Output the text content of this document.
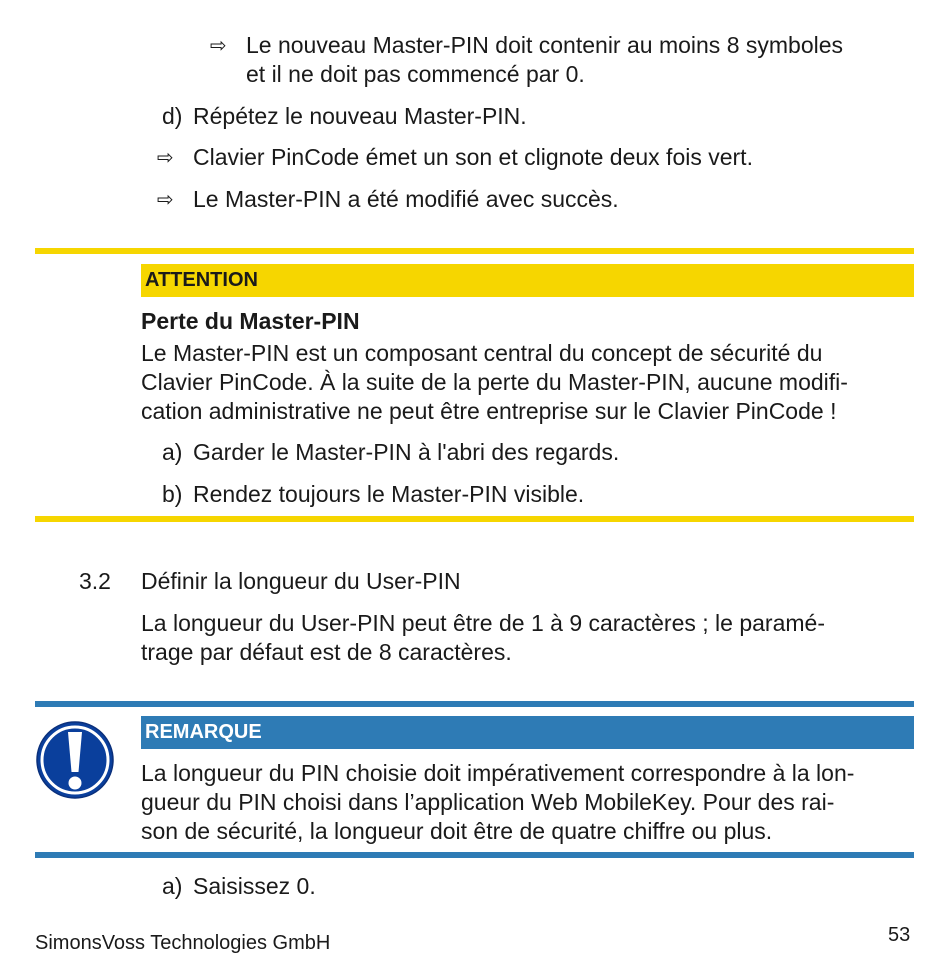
⇨ Le nouveau Master-PIN doit contenir au moins 8 symboles
et il ne doit pas commencé par 0.
d) Répétez le nouveau Master-PIN.
⇨ Clavier PinCode émet un son et clignote deux fois vert.
⇨ Le Master-PIN a été modifié avec succès.
ATTENTION
Perte du Master-PIN
Le Master-PIN est un composant central du concept de sécurité du
Clavier PinCode. À la suite de la perte du Master-PIN, aucune modifi-
cation administrative ne peut être entreprise sur le Clavier PinCode !
a) Garder le Master-PIN à l'abri des regards.
b) Rendez toujours le Master-PIN visible.
3.2 Définir la longueur du User-PIN
La longueur du User-PIN peut être de 1 à 9 caractères ; le paramé-
trage par défaut est de 8 caractères.
REMARQUE
La longueur du PIN choisie doit impérativement correspondre à la lon-
gueur du PIN choisi dans l’application Web MobileKey. Pour des rai-
son de sécurité, la longueur doit être de quatre chiffre ou plus.
a) Saisissez 0.
SimonsVoss Technologies GmbH	53
